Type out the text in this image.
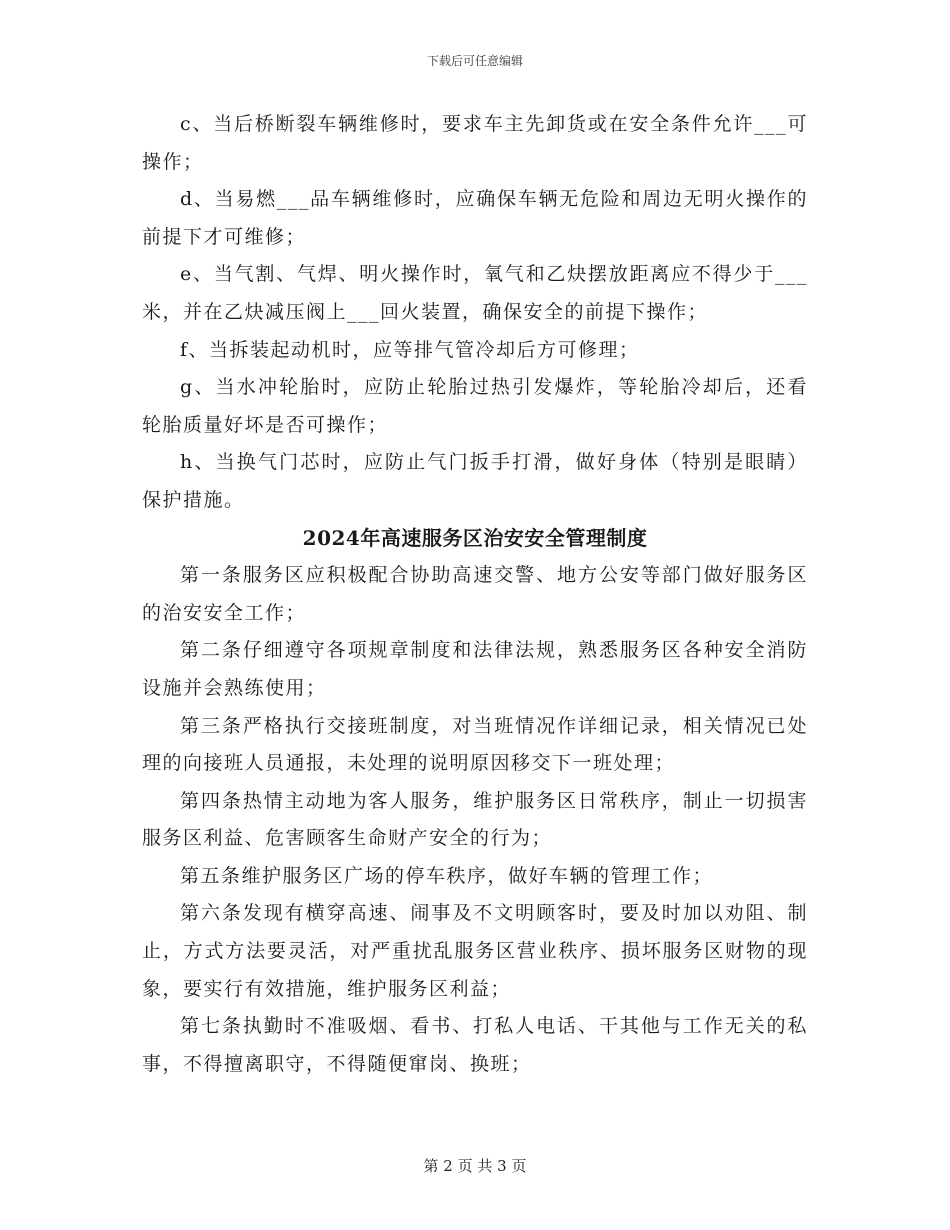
下载后可任意编辑

c、当后桥断裂车辆维修时，要求车主先卸货或在安全条件允许___可操作；

d、当易燃___品车辆维修时，应确保车辆无危险和周边无明火操作的前提下才可维修；

e、当气割、气焊、明火操作时，氧气和乙炔摆放距离应不得少于___米，并在乙炔减压阀上___回火装置，确保安全的前提下操作；

f、当拆装起动机时，应等排气管冷却后方可修理；

g、当水冲轮胎时，应防止轮胎过热引发爆炸，等轮胎冷却后，还看轮胎质量好坏是否可操作；

h、当换气门芯时，应防止气门扳手打滑，做好身体（特别是眼睛）保护措施。

2024年高速服务区治安安全管理制度

第一条服务区应积极配合协助高速交警、地方公安等部门做好服务区的治安安全工作；

第二条仔细遵守各项规章制度和法律法规，熟悉服务区各种安全消防设施并会熟练使用；

第三条严格执行交接班制度，对当班情况作详细记录，相关情况已处理的向接班人员通报，未处理的说明原因移交下一班处理；

第四条热情主动地为客人服务，维护服务区日常秩序，制止一切损害服务区利益、危害顾客生命财产安全的行为；

第五条维护服务区广场的停车秩序，做好车辆的管理工作；

第六条发现有横穿高速、闹事及不文明顾客时，要及时加以劝阻、制止，方式方法要灵活，对严重扰乱服务区营业秩序、损坏服务区财物的现象，要实行有效措施，维护服务区利益；

第七条执勤时不准吸烟、看书、打私人电话、干其他与工作无关的私事，不得擅离职守，不得随便窜岗、换班；

第 2 页 共 3 页
